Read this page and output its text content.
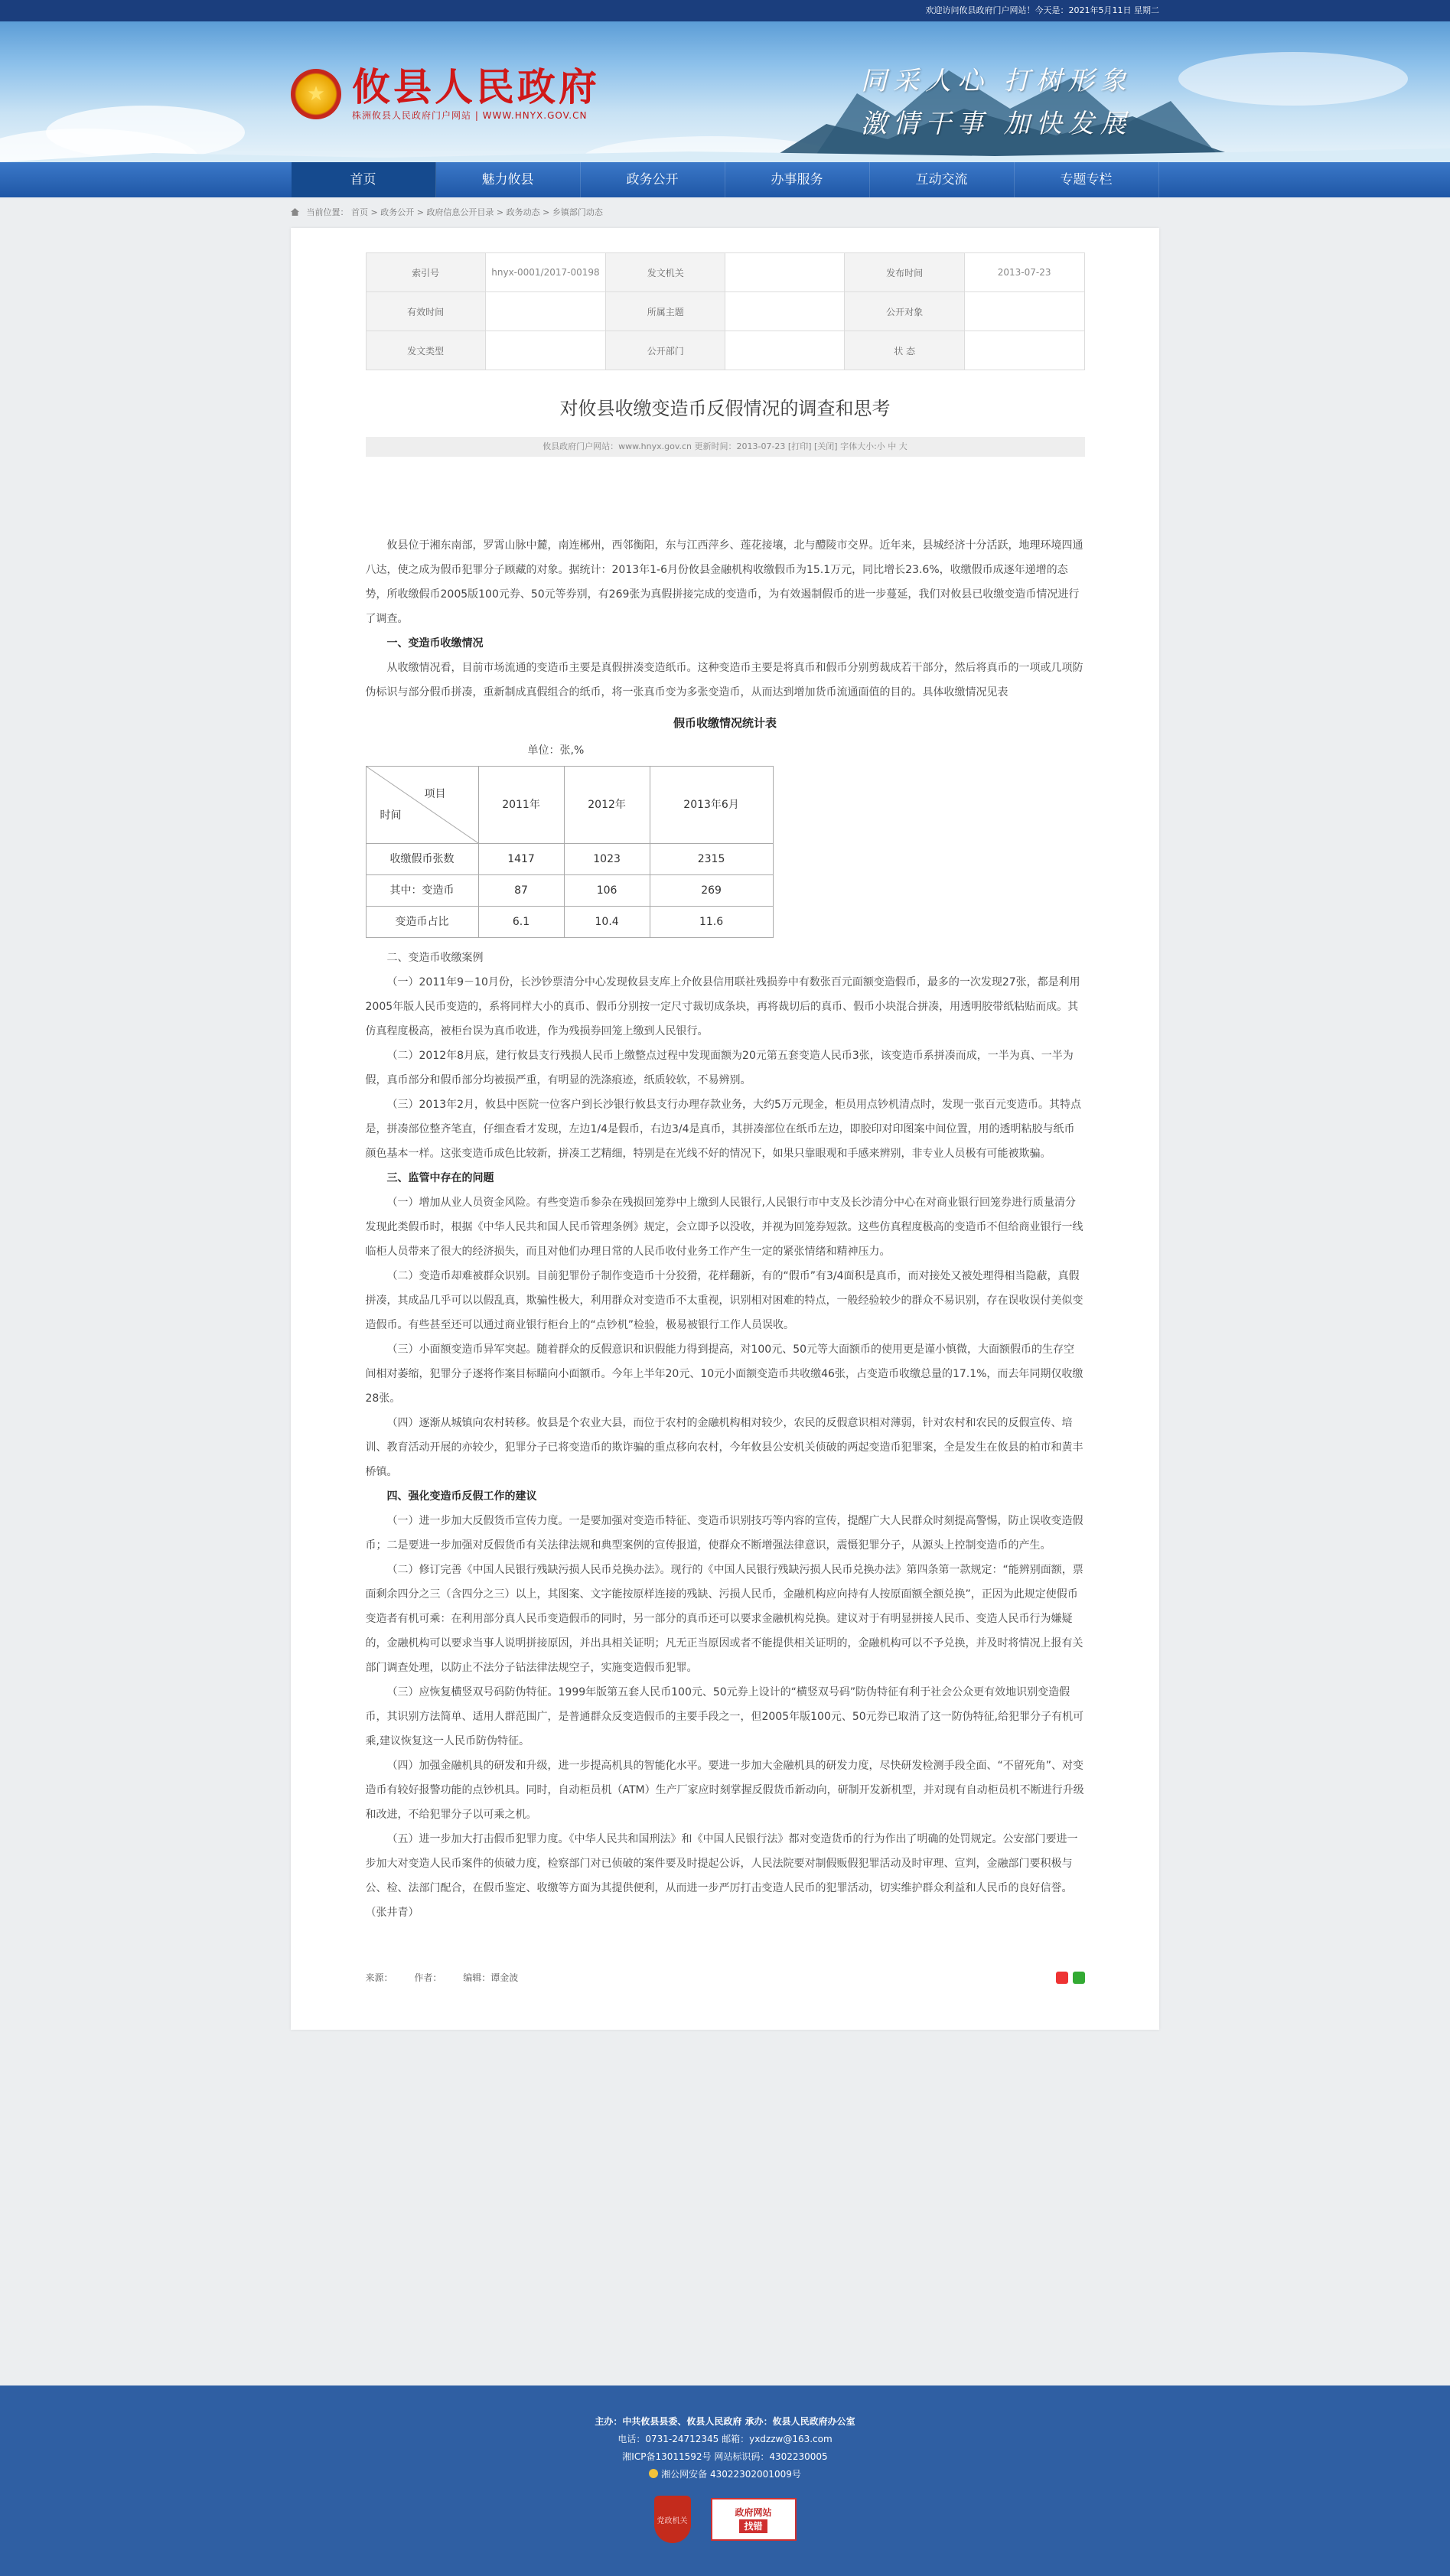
欢迎访问攸县政府门户网站！今天是：2021年5月11日 星期二
★ 攸县人民政府
株洲攸县人民政府门户网站 | WWW.HNYX.GOV.CN
同采人心 打树形象
激情干事 加快发展
首页	魅力攸县	政务公开	办事服务	互动交流	专题专栏
当前位置： 首页 > 政务公开 > 政府信息公开目录 > 政务动态 > 乡镇部门动态
索引号	hnyx-0001/2017-00198	发文机关		发布时间	2013-07-23
有效时间		所属主题		公开对象	
发文类型		公开部门		状 态	
对攸县收缴变造币反假情况的调查和思考
攸县政府门户网站：www.hnyx.gov.cn 更新时间：2013-07-23 [打印] [关闭] 字体大小:小 中 大

攸县位于湘东南部，罗霄山脉中麓，南连郴州，西邻衡阳，东与江西萍乡、莲花接壤，北与醴陵市交界。近年来，县城经济十分活跃，地理环境四通八达，使之成为假币犯罪分子顾藏的对象。据统计：2013年1-6月份攸县金融机构收缴假币为15.1万元，同比增长23.6%，收缴假币成逐年递增的态势，所收缴假币2005版100元券、50元等券别，有269张为真假拼接完成的变造币，为有效遏制假币的进一步蔓延，我们对攸县已收缴变造币情况进行了调查。

一、变造币收缴情况

从收缴情况看，目前市场流通的变造币主要是真假拼凑变造纸币。这种变造币主要是将真币和假币分别剪裁成若干部分，然后将真币的一项或几项防伪标识与部分假币拼凑，重新制成真假组合的纸币，将一张真币变为多张变造币，从而达到增加货币流通面值的目的。具体收缴情况见表

假币收缴情况统计表
单位：张,%
项目
时间	2011年	2012年	2013年6月
收缴假币张数	1417	1023	2315
其中：变造币	87	106	269
变造币占比	6.1	10.4	11.6

二、变造币收缴案例

（一）2011年9－10月份，长沙钞票清分中心发现攸县支库上介攸县信用联社残损券中有数张百元面额变造假币，最多的一次发现27张，都是利用2005年版人民币变造的，系将同样大小的真币、假币分别按一定尺寸裁切成条块，再将裁切后的真币、假币小块混合拼凑，用透明胶带纸粘贴而成。其仿真程度极高，被柜台误为真币收进，作为残损券回笼上缴到人民银行。

（二）2012年8月底，建行攸县支行残损人民币上缴整点过程中发现面额为20元第五套变造人民币3张，该变造币系拼凑而成，一半为真、一半为假，真币部分和假币部分均被损严重，有明显的洗涤痕迹，纸质较软，不易辨别。

（三）2013年2月，攸县中医院一位客户到长沙银行攸县支行办理存款业务，大约5万元现金，柜员用点钞机清点时，发现一张百元变造币。其特点是，拼凑部位整齐笔直，仔细查看才发现，左边1/4是假币，右边3/4是真币，其拼凑部位在纸币左边，即胶印对印图案中间位置，用的透明粘胶与纸币颜色基本一样。这张变造币成色比较新，拼凑工艺精细，特别是在光线不好的情况下，如果只靠眼观和手感来辨别，非专业人员极有可能被欺骗。

三、监管中存在的问题

（一）增加从业人员资金风险。有些变造币参杂在残损回笼券中上缴到人民银行,人民银行市中支及长沙清分中心在对商业银行回笼券进行质量清分发现此类假币时，根据《中华人民共和国人民币管理条例》规定，会立即予以没收，并视为回笼券短款。这些仿真程度极高的变造币不但给商业银行一线临柜人员带来了很大的经济损失，而且对他们办理日常的人民币收付业务工作产生一定的紧张情绪和精神压力。

（二）变造币却难被群众识别。目前犯罪份子制作变造币十分狡猾，花样翻新，有的“假币”有3/4面积是真币，而对接处又被处理得相当隐蔽，真假拼凑，其成品几乎可以以假乱真，欺骗性极大，利用群众对变造币不太重视，识别相对困难的特点，一般经验较少的群众不易识别，存在误收误付美似变造假币。有些甚至还可以通过商业银行柜台上的“点钞机”检验，极易被银行工作人员误收。

（三）小面额变造币异军突起。随着群众的反假意识和识假能力得到提高，对100元、50元等大面额币的使用更是谨小慎微，大面额假币的生存空间相对萎缩，犯罪分子逐将作案目标瞄向小面额币。今年上半年20元、10元小面额变造币共收缴46张，占变造币收缴总量的17.1%，而去年同期仅收缴28张。

（四）逐渐从城镇向农村转移。攸县是个农业大县，而位于农村的金融机构相对较少，农民的反假意识相对薄弱，针对农村和农民的反假宣传、培训、教育活动开展的亦较少，犯罪分子已将变造币的欺诈骗的重点移向农村，今年攸县公安机关侦破的两起变造币犯罪案，全是发生在攸县的柏市和黄丰桥镇。

四、强化变造币反假工作的建议

（一）进一步加大反假货币宣传力度。一是要加强对变造币特征、变造币识别技巧等内容的宣传，提醒广大人民群众时刻提高警惕，防止误收变造假币；二是要进一步加强对反假货币有关法律法规和典型案例的宣传报道，使群众不断增强法律意识，震慑犯罪分子，从源头上控制变造币的产生。

（二）修订完善《中国人民银行残缺污损人民币兑换办法》。现行的《中国人民银行残缺污损人民币兑换办法》第四条第一款规定：“能辨别面额，票面剩余四分之三（含四分之三）以上，其图案、文字能按原样连接的残缺、污损人民币，金融机构应向持有人按原面额全额兑换”，正因为此规定使假币变造者有机可乘：在利用部分真人民币变造假币的同时，另一部分的真币还可以要求金融机构兑换。建议对于有明显拼接人民币、变造人民币行为嫌疑的，金融机构可以要求当事人说明拼接原因，并出具相关证明；凡无正当原因或者不能提供相关证明的，金融机构可以不予兑换，并及时将情况上报有关部门调查处理，以防止不法分子钻法律法规空子，实施变造假币犯罪。

（三）应恢复横竖双号码防伪特征。1999年版第五套人民币100元、50元券上设计的“横竖双号码”防伪特征有利于社会公众更有效地识别变造假币，其识别方法简单、适用人群范围广，是普通群众反变造假币的主要手段之一，但2005年版100元、50元券已取消了这一防伪特征,给犯罪分子有机可乘,建议恢复这一人民币防伪特征。

（四）加强金融机具的研发和升级，进一步提高机具的智能化水平。要进一步加大金融机具的研发力度，尽快研发检测手段全面、“不留死角”、对变造币有较好报警功能的点钞机具。同时，自动柜员机（ATM）生产厂家应时刻掌握反假货币新动向，研制开发新机型，并对现有自动柜员机不断进行升级和改进，不给犯罪分子以可乘之机。

（五）进一步加大打击假币犯罪力度。《中华人民共和国刑法》和《中国人民银行法》都对变造货币的行为作出了明确的处罚规定。公安部门要进一步加大对变造人民币案件的侦破力度，检察部门对已侦破的案件要及时提起公诉，人民法院要对制假贩假犯罪活动及时审理、宣判，金融部门要积极与公、检、法部门配合，在假币鉴定、收缴等方面为其提供便利，从而进一步严厉打击变造人民币的犯罪活动，切实维护群众利益和人民币的良好信誉。（张井青）

来源： 作者： 编辑：谭金波
主办：中共攸县县委、攸县人民政府 承办：攸县人民政府办公室
电话：0731-24712345 邮箱：yxdzzw@163.com
湘ICP备13011592号 网站标识码：4302230005
湘公网安备 43022302001009号
党政机关
政府网站
找错
